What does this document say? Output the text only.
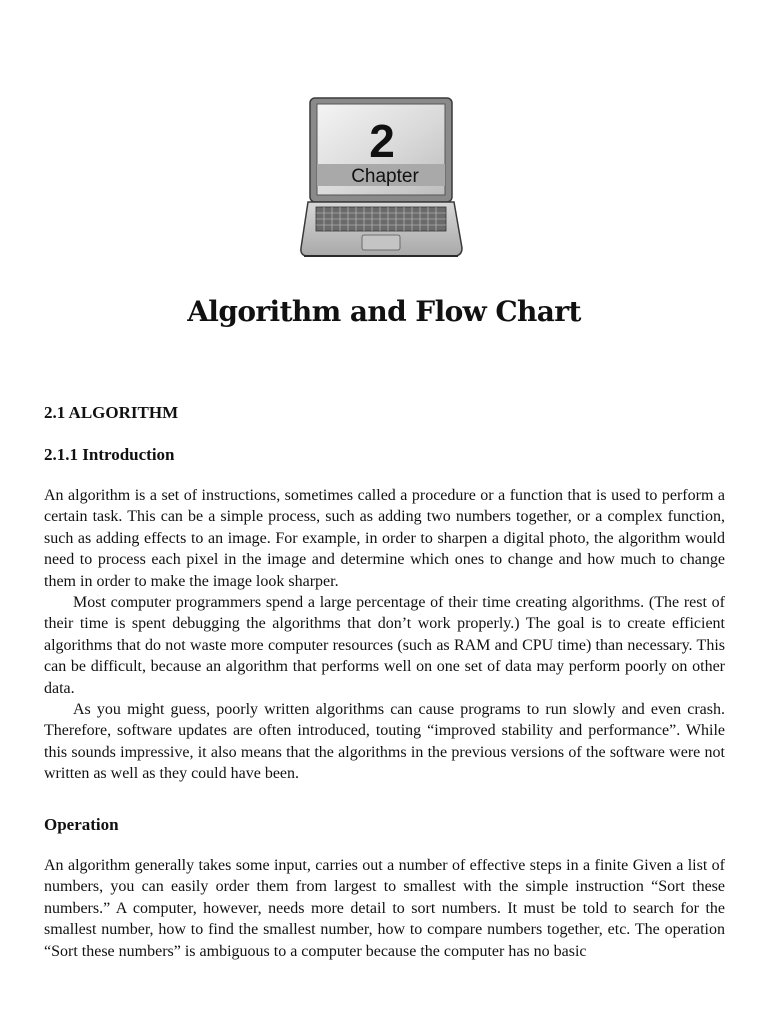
2
Chapter
Algorithm and Flow Chart
2.1 ALGORITHM
2.1.1 Introduction

An algorithm is a set of instructions, sometimes called a procedure or a function that is used to perform a certain task. This can be a simple process, such as adding two numbers together, or a complex function, such as adding effects to an image. For example, in order to sharpen a digital photo, the algorithm would need to process each pixel in the image and determine which ones to change and how much to change them in order to make the image look sharper.

Most computer programmers spend a large percentage of their time creating algorithms. (The rest of their time is spent debugging the algorithms that don’t work properly.) The goal is to create efficient algorithms that do not waste more computer resources (such as RAM and CPU time) than necessary. This can be difficult, because an algorithm that performs well on one set of data may perform poorly on other data.

As you might guess, poorly written algorithms can cause programs to run slowly and even crash. Therefore, software updates are often introduced, touting “improved stability and performance”. While this sounds impressive, it also means that the algorithms in the previous versions of the software were not written as well as they could have been.

Operation

An algorithm generally takes some input, carries out a number of effective steps in a finite Given a list of numbers, you can easily order them from largest to smallest with the simple instruction “Sort these numbers.” A computer, however, needs more detail to sort numbers. It must be told to search for the smallest number, how to find the smallest number, how to compare numbers together, etc. The operation “Sort these numbers” is ambiguous to a computer because the computer has no basic
